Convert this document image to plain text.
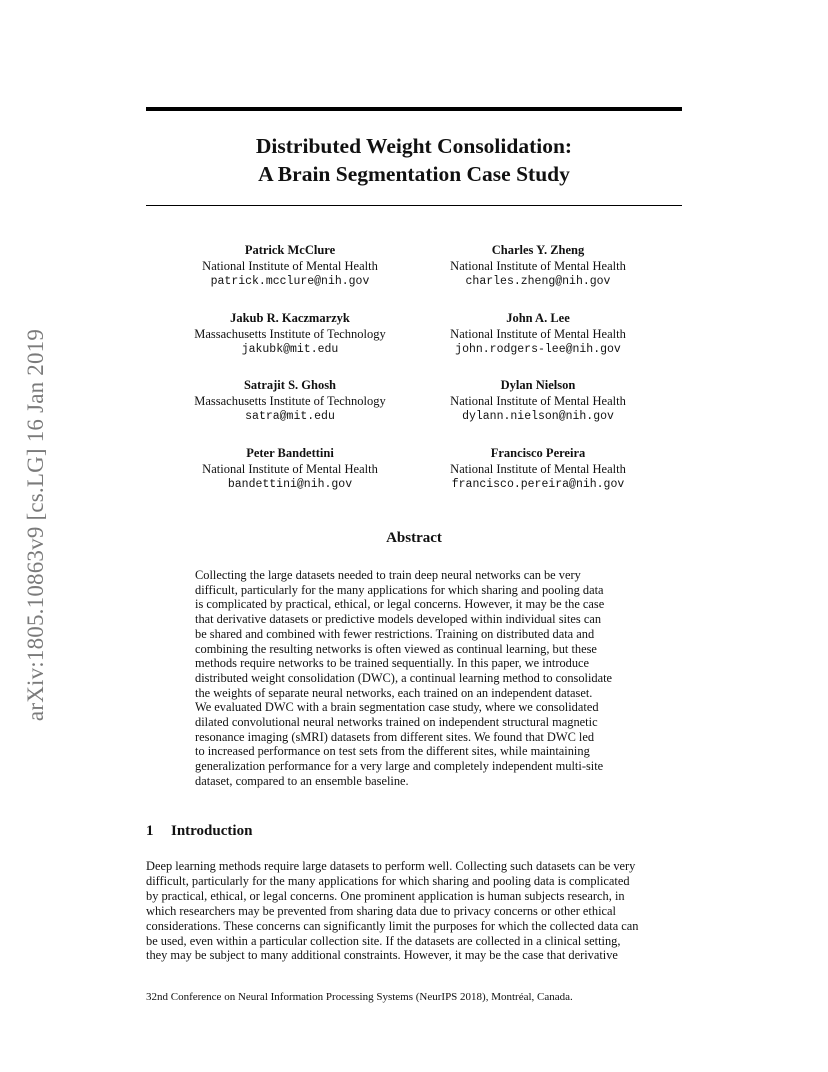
arXiv:1805.10863v9 [cs.LG] 16 Jan 2019
Distributed Weight Consolidation:
A Brain Segmentation Case Study
Patrick McClure
National Institute of Mental Health
patrick.mcclure@nih.gov
Charles Y. Zheng
National Institute of Mental Health
charles.zheng@nih.gov
Jakub R. Kaczmarzyk
Massachusetts Institute of Technology
jakubk@mit.edu
John A. Lee
National Institute of Mental Health
john.rodgers-lee@nih.gov
Satrajit S. Ghosh
Massachusetts Institute of Technology
satra@mit.edu
Dylan Nielson
National Institute of Mental Health
dylann.nielson@nih.gov
Peter Bandettini
National Institute of Mental Health
bandettini@nih.gov
Francisco Pereira
National Institute of Mental Health
francisco.pereira@nih.gov
Abstract
Collecting the large datasets needed to train deep neural networks can be very
difficult, particularly for the many applications for which sharing and pooling data
is complicated by practical, ethical, or legal concerns. However, it may be the case
that derivative datasets or predictive models developed within individual sites can
be shared and combined with fewer restrictions. Training on distributed data and
combining the resulting networks is often viewed as continual learning, but these
methods require networks to be trained sequentially. In this paper, we introduce
distributed weight consolidation (DWC), a continual learning method to consolidate
the weights of separate neural networks, each trained on an independent dataset.
We evaluated DWC with a brain segmentation case study, where we consolidated
dilated convolutional neural networks trained on independent structural magnetic
resonance imaging (sMRI) datasets from different sites. We found that DWC led
to increased performance on test sets from the different sites, while maintaining
generalization performance for a very large and completely independent multi-site
dataset, compared to an ensemble baseline.
1 Introduction
Deep learning methods require large datasets to perform well. Collecting such datasets can be very
difficult, particularly for the many applications for which sharing and pooling data is complicated
by practical, ethical, or legal concerns. One prominent application is human subjects research, in
which researchers may be prevented from sharing data due to privacy concerns or other ethical
considerations. These concerns can significantly limit the purposes for which the collected data can
be used, even within a particular collection site. If the datasets are collected in a clinical setting,
they may be subject to many additional constraints. However, it may be the case that derivative
32nd Conference on Neural Information Processing Systems (NeurIPS 2018), Montréal, Canada.
